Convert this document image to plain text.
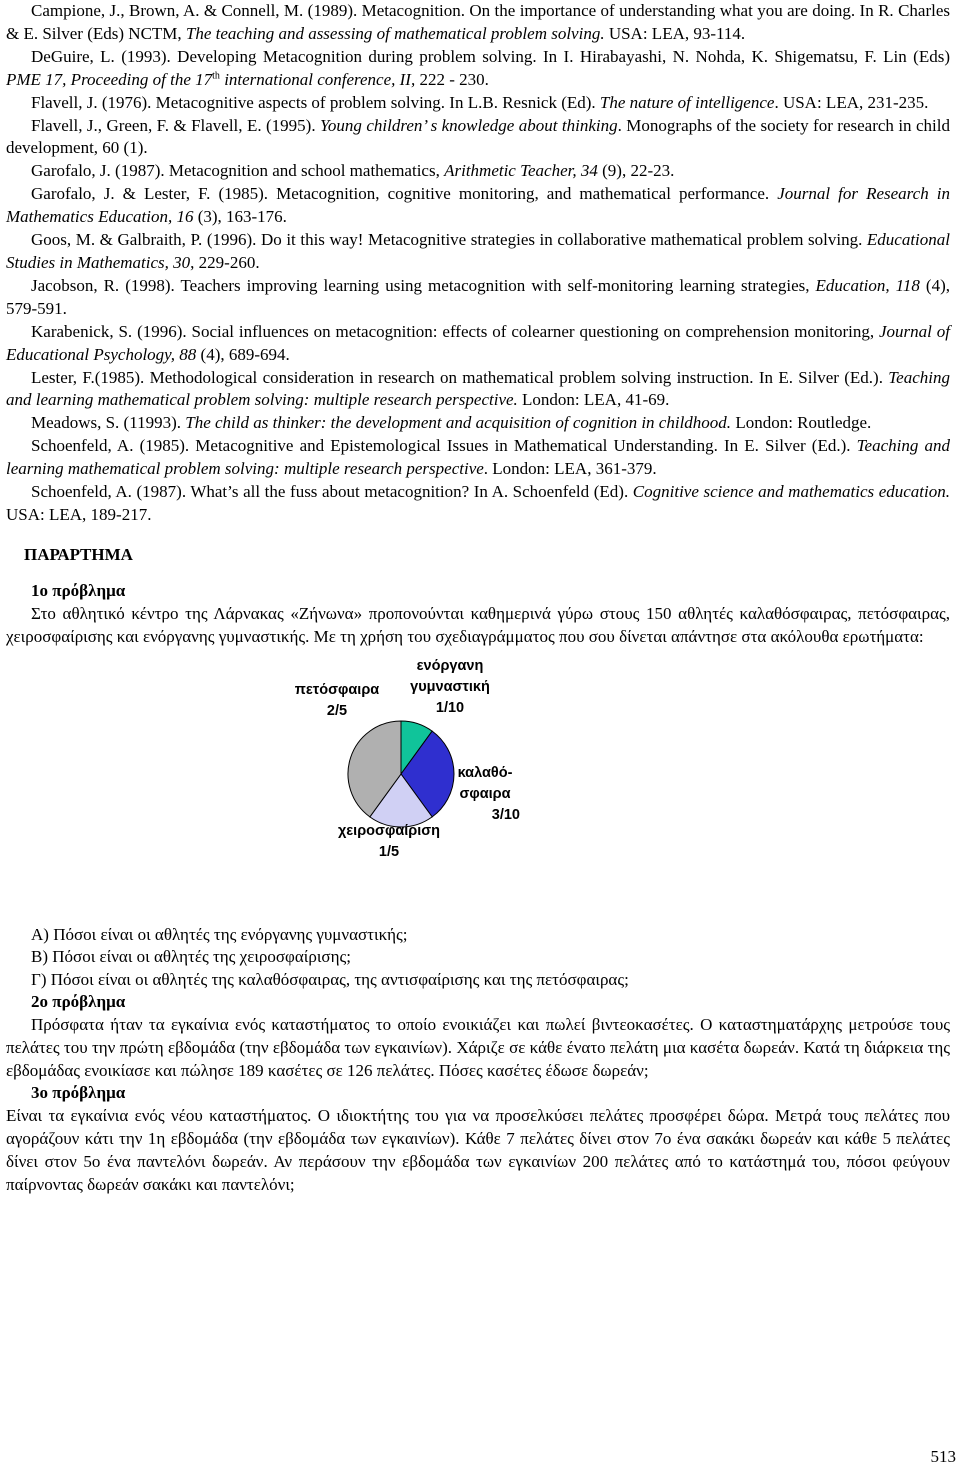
Campione, J., Brown, A. & Connell, M. (1989). Metacognition. On the importance of understanding what you are doing. In R. Charles & E. Silver (Eds) NCTM, The teaching and assessing of mathematical problem solving. USA: LEA, 93-114.

DeGuire, L. (1993). Developing Metacognition during problem solving. In I. Hirabayashi, N. Nohda, K. Shigematsu, F. Lin (Eds) PME 17, Proceeding of the 17th international conference, II, 222 - 230.

Flavell, J. (1976). Metacognitive aspects of problem solving. In L.B. Resnick (Ed). The nature of intelligence. USA: LEA, 231-235.

Flavell, J., Green, F. & Flavell, E. (1995). Young children’ s knowledge about thinking. Monographs of the society for research in child development, 60 (1).

Garofalo, J. (1987). Metacognition and school mathematics, Arithmetic Teacher, 34 (9), 22-23.

Garofalo, J. & Lester, F. (1985). Metacognition, cognitive monitoring, and mathematical performance. Journal for Research in Mathematics Education, 16 (3), 163-176.

Goos, M. & Galbraith, P. (1996). Do it this way! Metacognitive strategies in collaborative mathematical problem solving. Educational Studies in Mathematics, 30, 229-260.

Jacobson, R. (1998). Teachers improving learning using metacognition with self-monitoring learning strategies, Education, 118 (4), 579-591.

Karabenick, S. (1996). Social influences on metacognition: effects of colearner questioning on comprehension monitoring, Journal of Educational Psychology, 88 (4), 689-694.

Lester, F.(1985). Methodological consideration in research on mathematical problem solving instruction. In E. Silver (Ed.). Teaching and learning mathematical problem solving: multiple research perspective. London: LEA, 41-69.

Meadows, S. (11993). The child as thinker: the development and acquisition of cognition in childhood. London: Routledge.

Schoenfeld, A. (1985). Metacognitive and Epistemological Issues in Mathematical Understanding. In E. Silver (Ed.). Teaching and learning mathematical problem solving: multiple research perspective. London: LEA, 361-379.

Schoenfeld, A. (1987). What’s all the fuss about metacognition? In A. Schoenfeld (Ed). Cognitive science and mathematics education. USA: LEA, 189-217.

ΠΑΡΑΡΤΗΜΑ
1ο πρόβλημα

Στο αθλητικό κέντρο της Λάρνακας «Ζήνωνα» προπονούνται καθημερινά γύρω στους 150 αθλητές καλαθόσφαιρας, πετόσφαιρας, χειροσφαίρισης και ενόργανης γυμναστικής. Με τη χρήση του σχεδιαγράμματος που σου δίνεται απάντησε στα ακόλουθα ερωτήματα:

ενόργανη
γυμναστική
1/10
πετόσφαιρα
2/5
καλαθό-
σφαιρα
3/10
χειροσφαίριση
1/5

Α) Πόσοι είναι οι αθλητές της ενόργανης γυμναστικής;

Β) Πόσοι είναι οι αθλητές της χειροσφαίρισης;

Γ) Πόσοι είναι οι αθλητές της καλαθόσφαιρας, της αντισφαίρισης και της πετόσφαιρας;

2ο πρόβλημα

Πρόσφατα ήταν τα εγκαίνια ενός καταστήματος το οποίο ενοικιάζει και πωλεί βιντεοκασέτες. Ο καταστηματάρχης μετρούσε τους πελάτες του την πρώτη εβδομάδα (την εβδομάδα των εγκαινίων). Χάριζε σε κάθε ένατο πελάτη μια κασέτα δωρεάν. Κατά τη διάρκεια της εβδομάδας ενοικίασε και πώλησε 189 κασέτες σε 126 πελάτες. Πόσες κασέτες έδωσε δωρεάν;

3ο πρόβλημα

Είναι τα εγκαίνια ενός νέου καταστήματος. Ο ιδιοκτήτης του για να προσελκύσει πελάτες προσφέρει δώρα. Μετρά τους πελάτες που αγοράζουν κάτι την 1η εβδομάδα (την εβδομάδα των εγκαινίων). Κάθε 7 πελάτες δίνει στον 7ο ένα σακάκι δωρεάν και κάθε 5 πελάτες δίνει στον 5ο ένα παντελόνι δωρεάν. Αν περάσουν την εβδομάδα των εγκαινίων 200 πελάτες από το κατάστημά του, πόσοι φεύγουν παίρνοντας δωρεάν σακάκι και παντελόνι;

513
